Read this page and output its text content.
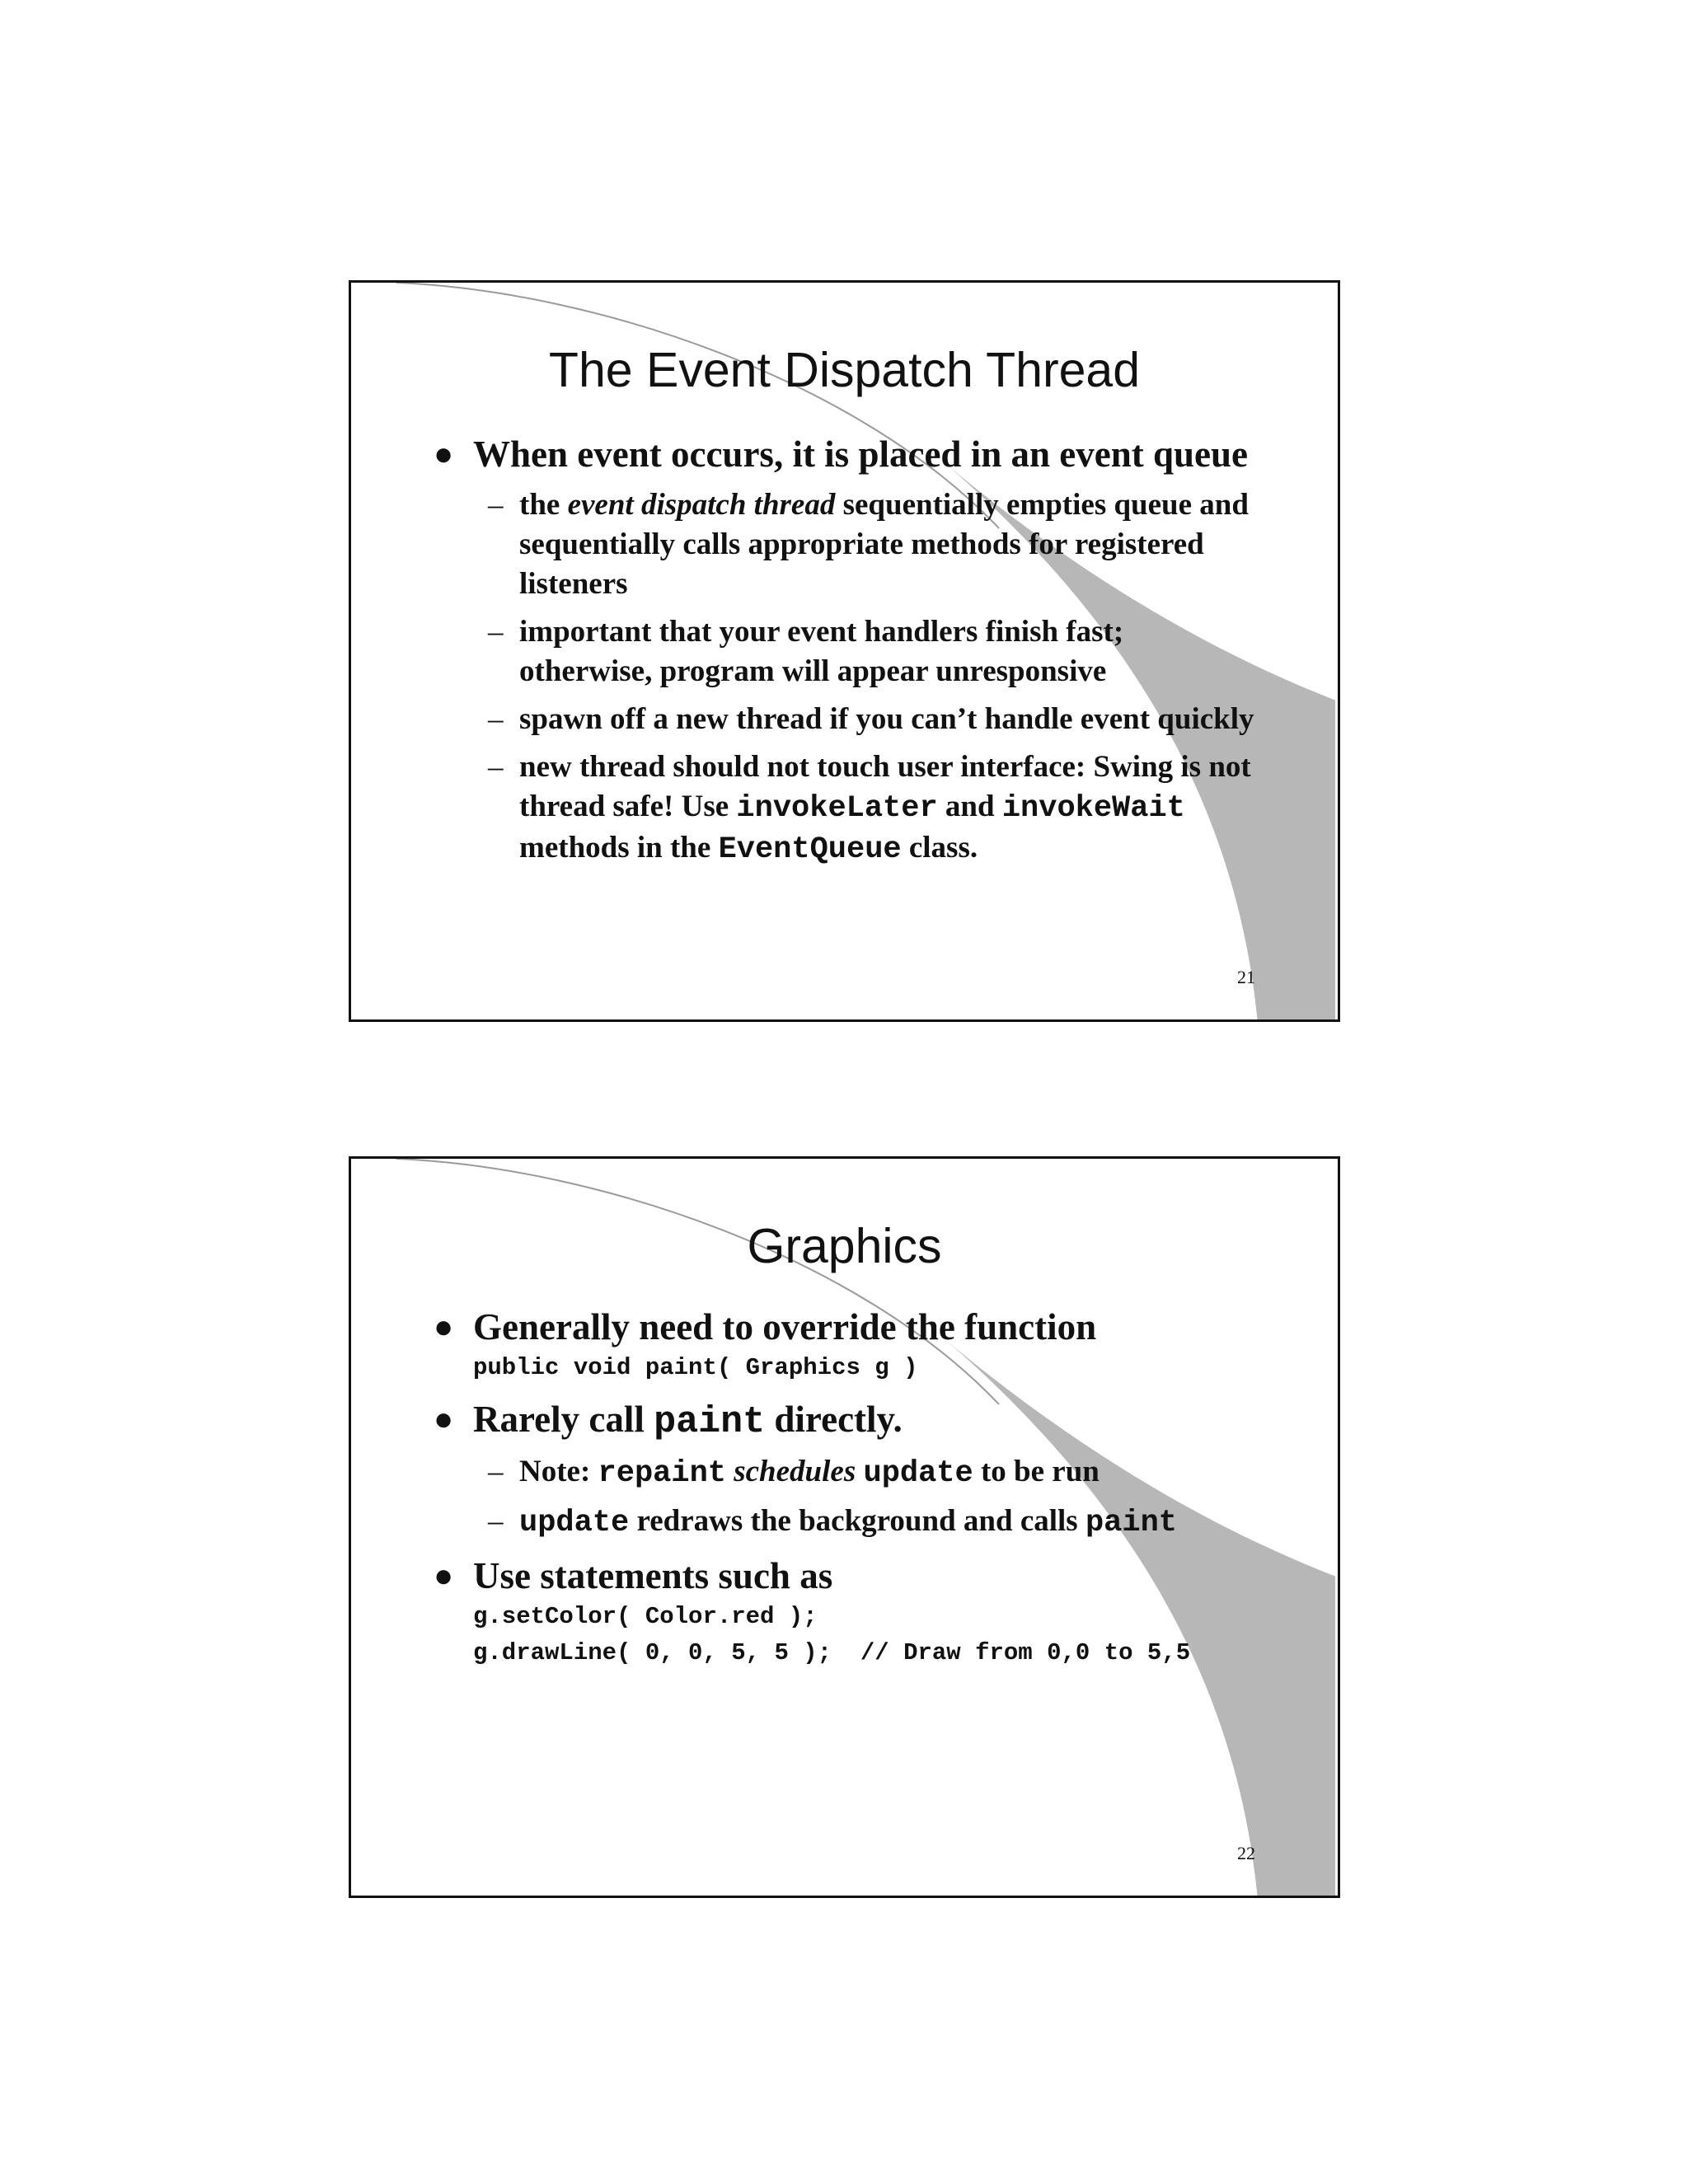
The Event Dispatch Thread
● When event occurs, it is placed in an event queue
– the event dispatch thread sequentially empties queue and sequentially calls appropriate methods for registered listeners
– important that your event handlers finish fast; otherwise, program will appear unresponsive
– spawn off a new thread if you can’t handle event quickly
– new thread should not touch user interface: Swing is not thread safe! Use invokeLater and invokeWait methods in the EventQueue class.
21
Graphics
● Generally need to override the function
public void paint( Graphics g )
● Rarely call paint directly.
– Note: repaint schedules update to be run
– update redraws the background and calls paint
● Use statements such as
g.setColor( Color.red );
g.drawLine( 0, 0, 5, 5 );  // Draw from 0,0 to 5,5
22
